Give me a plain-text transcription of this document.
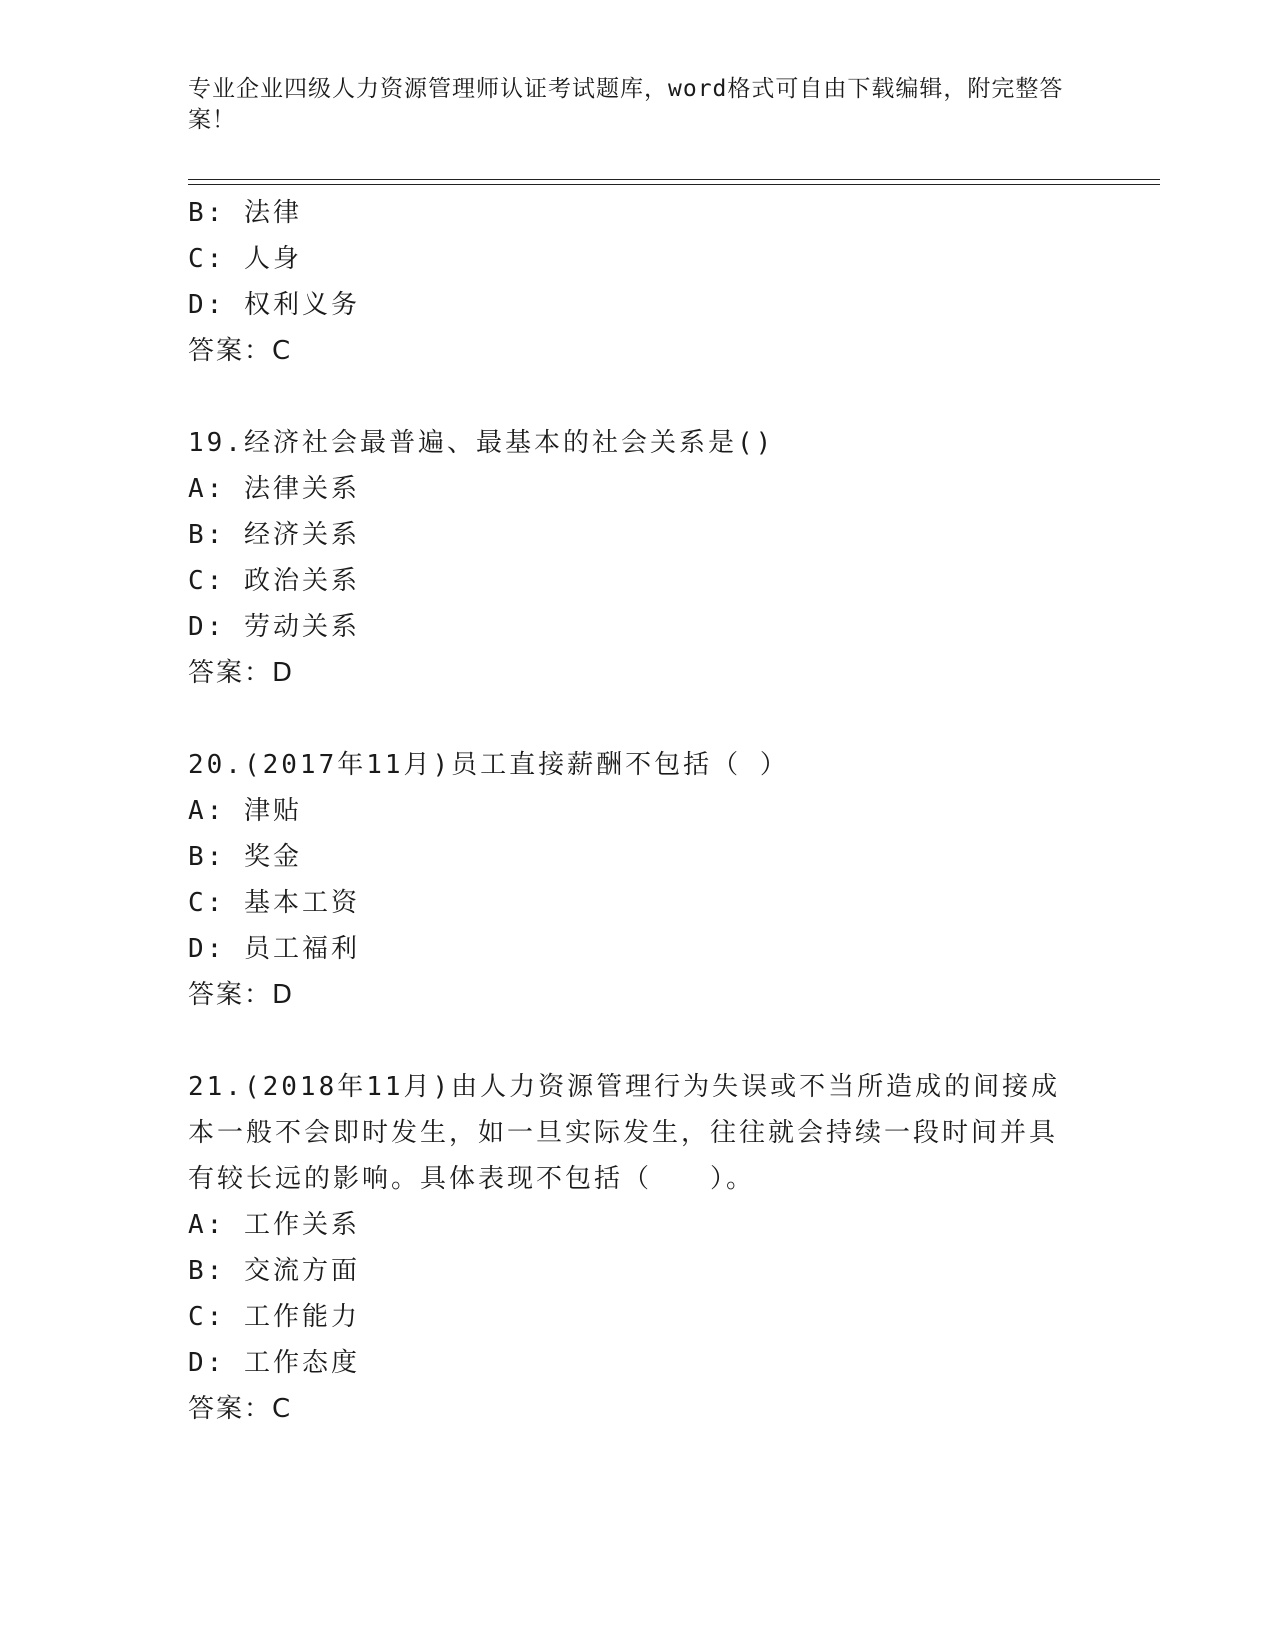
专业企业四级人力资源管理师认证考试题库，word格式可自由下载编辑，附完整答案！
B: 法律
C: 人身
D: 权利义务
答案：C
19.经济社会最普遍、最基本的社会关系是()
A: 法律关系
B: 经济关系
C: 政治关系
D: 劳动关系
答案：D
20.(2017年11月)员工直接薪酬不包括（ ）
A: 津贴
B: 奖金
C: 基本工资
D: 员工福利
答案：D
21.(2018年11月)由人力资源管理行为失误或不当所造成的间接成本一般不会即时发生，如一旦实际发生，往往就会持续一段时间并具有较长远的影响。具体表现不包括（　　）。
A: 工作关系
B: 交流方面
C: 工作能力
D: 工作态度
答案：C
